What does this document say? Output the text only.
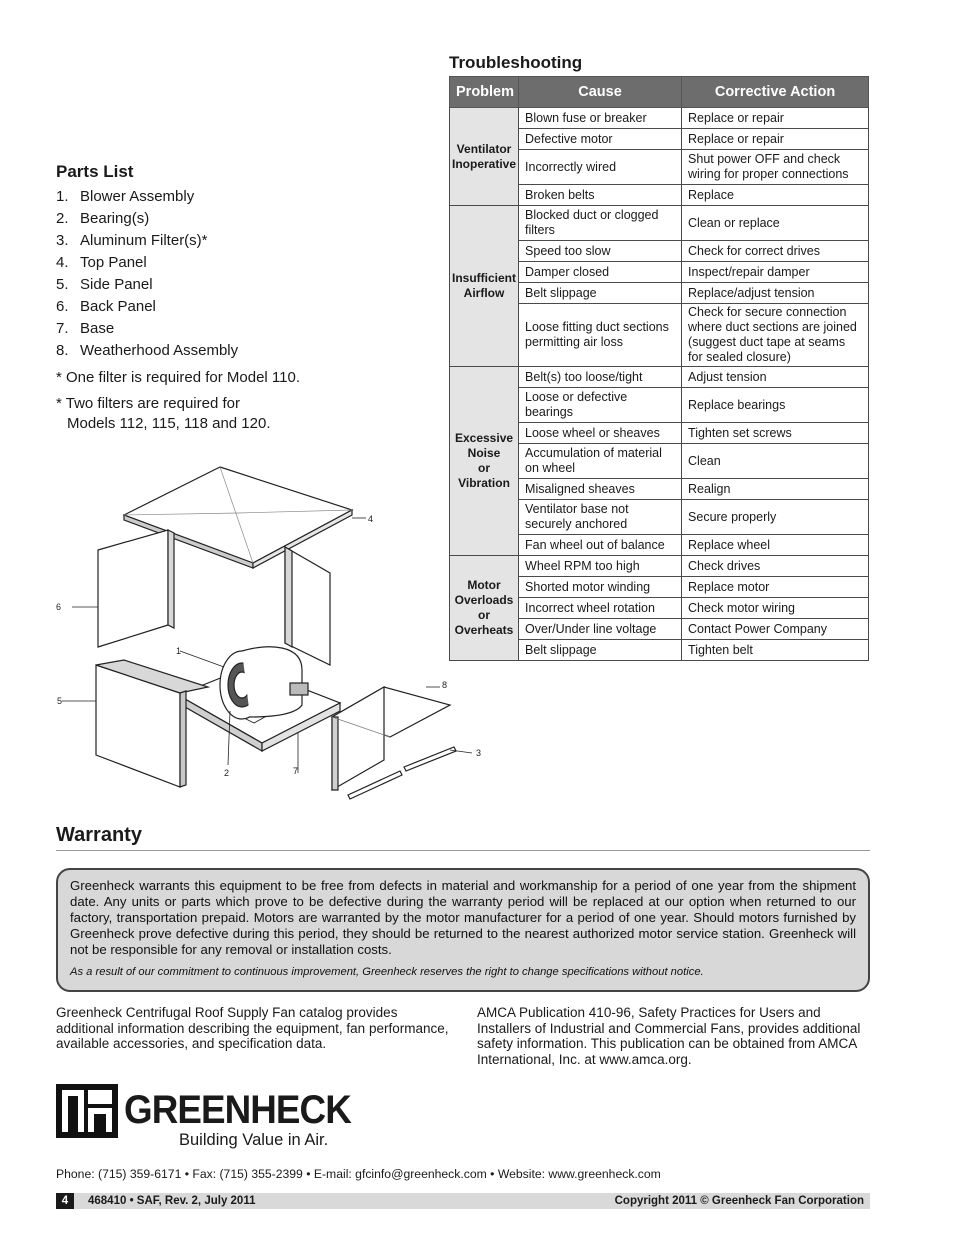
Parts List
1. Blower Assembly
2. Bearing(s)
3. Aluminum Filter(s)*
4. Top Panel
5. Side Panel
6. Back Panel
7. Base
8. Weatherhood Assembly
* One filter is required for Model 110.
* Two filters are required for
Models 112, 115, 118 and 120.
Troubleshooting
Problem	Cause	Corrective Action

Ventilator
Inoperative	Blown fuse or breaker	Replace or repair
	Defective motor	Replace or repair
	Incorrectly wired	Shut power OFF and check wiring for proper connections
	Broken belts	Replace

Insufficient
Airflow	Blocked duct or clogged filters	Clean or replace
	Speed too slow	Check for correct drives
	Damper closed	Inspect/repair damper
	Belt slippage	Replace/adjust tension
	Loose fitting duct sections permitting air loss	Check for secure connection where duct sections are joined (suggest duct tape at seams for sealed closure)

Excessive
Noise
or
Vibration	Belt(s) too loose/tight	Adjust tension
	Loose or defective bearings	Replace bearings
	Loose wheel or sheaves	Tighten set screws
	Accumulation of material on wheel	Clean
	Misaligned sheaves	Realign
	Ventilator base not securely anchored	Secure properly
	Fan wheel out of balance	Replace wheel

Motor
Overloads
or
Overheats	Wheel RPM too high	Check drives
	Shorted motor winding	Replace motor
	Incorrect wheel rotation	Check motor wiring
	Over/Under line voltage	Contact Power Company
	Belt slippage	Tighten belt
1
2
3
4
5
6
7
8
Warranty

Greenheck warrants this equipment to be free from defects in material and workmanship for a period of one year from the shipment date. Any units or parts which prove to be defective during the warranty period will be replaced at our option when returned to our factory, transportation prepaid. Motors are warranted by the motor manufacturer for a period of one year. Should motors furnished by Greenheck prove defective during this period, they should be returned to the nearest authorized motor service station. Greenheck will not be responsible for any removal or installation costs.

As a result of our commitment to continuous improvement, Greenheck reserves the right to change specifications without notice.

Greenheck Centrifugal Roof Supply Fan catalog provides additional information describing the equipment, fan performance, available accessories, and specification data.
AMCA Publication 410-96, Safety Practices for Users and Installers of Industrial and Commercial Fans, provides additional safety information. This publication can be obtained from AMCA International, Inc. at www.amca.org.
GREENHECK
®	Building Value in Air.
Phone: (715) 359-6171 • Fax: (715) 355-2399 • E-mail: gfcinfo@greenheck.com • Website: www.greenheck.com
4	468410 • SAF, Rev. 2, July 2011	Copyright 2011 © Greenheck Fan Corporation
